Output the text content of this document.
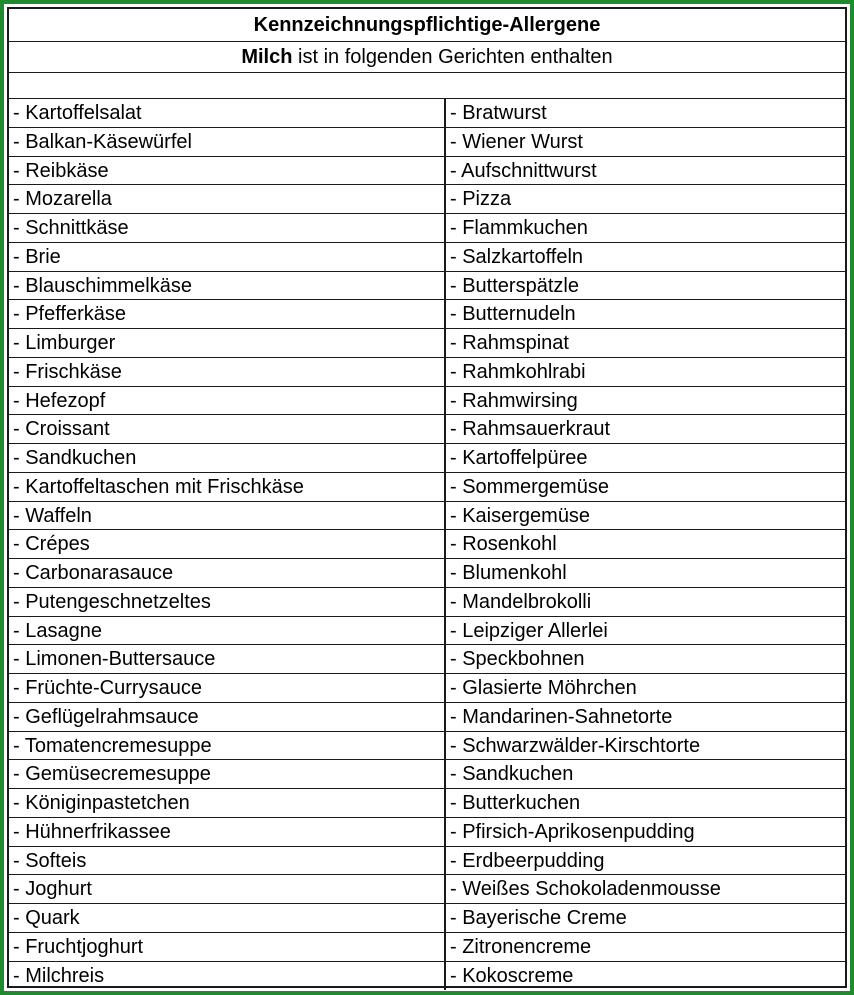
Kennzeichnungspflichtige-Allergene
Milch ist in folgenden Gerichten enthalten
- Kartoffelsalat
- Balkan-Käsewürfel
- Reibkäse
- Mozarella
- Schnittkäse
- Brie
- Blauschimmelkäse
- Pfefferkäse
- Limburger
- Frischkäse
- Hefezopf
- Croissant
- Sandkuchen
- Kartoffeltaschen mit Frischkäse
- Waffeln
- Crépes
- Carbonarasauce
- Putengeschnetzeltes
- Lasagne
- Limonen-Buttersauce
- Früchte-Currysauce
- Geflügelrahmsauce
- Tomatencremesuppe
- Gemüsecremesuppe
- Königinpastetchen
- Hühnerfrikassee
- Softeis
- Joghurt
- Quark
- Fruchtjoghurt
- Milchreis
- Bratwurst
- Wiener Wurst
- Aufschnittwurst
- Pizza
- Flammkuchen
- Salzkartoffeln
- Butterspätzle
- Butternudeln
- Rahmspinat
- Rahmkohlrabi
- Rahmwirsing
- Rahmsauerkraut
- Kartoffelpüree
- Sommergemüse
- Kaisergemüse
- Rosenkohl
- Blumenkohl
- Mandelbrokolli
- Leipziger Allerlei
- Speckbohnen
- Glasierte Möhrchen
- Mandarinen-Sahnetorte
- Schwarzwälder-Kirschtorte
- Sandkuchen
- Butterkuchen
- Pfirsich-Aprikosenpudding
- Erdbeerpudding
- Weißes Schokoladenmousse
- Bayerische Creme
- Zitronencreme
- Kokoscreme
